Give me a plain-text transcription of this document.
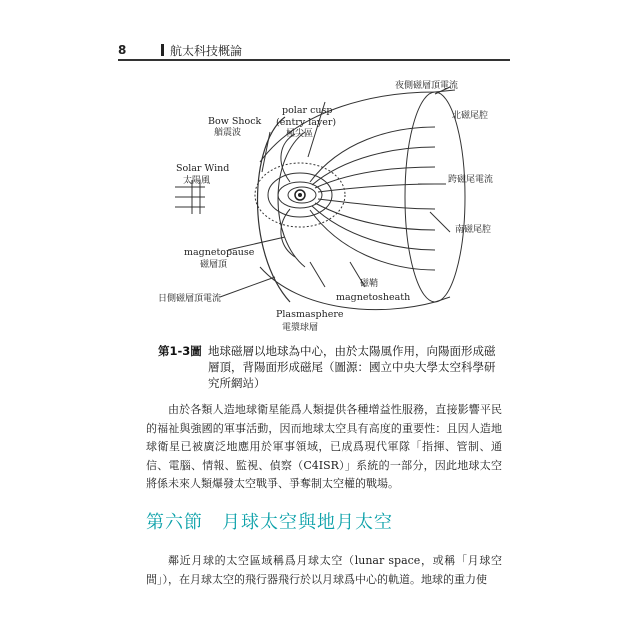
8	航太科技概論
polar cusp
(entry layer)
極尖區
Bow Shock
艏震波
Solar Wind
太陽風
夜側磁層頂電流
北磁尾腔
跨磁尾電流
南磁尾腔
magnetopause
磁層頂
日側磁層頂電流
磁鞘
magnetosheath
Plasmasphere
電漿球層
第1-3圖 地球磁層以地球為中心，由於太陽風作用，向陽面形成磁層頂，背陽面形成磁尾（圖源：國立中央大學太空科學研究所網站）

由於各類人造地球衛星能爲人類提供各種增益性服務，直接影響平民的福祉與強國的軍事活動，因而地球太空具有高度的重要性：且因人造地球衛星已被廣泛地應用於軍事領域，已成爲現代軍隊「指揮、管制、通信、電腦、情報、監視、偵察（C4ISR）」系統的一部分，因此地球太空將係未來人類爆發太空戰爭、爭奪制太空權的戰場。

第六節　月球太空與地月太空

鄰近月球的太空區域稱爲月球太空（lunar space，或稱「月球空間」），在月球太空的飛行器飛行於以月球爲中心的軌道。地球的重力使
